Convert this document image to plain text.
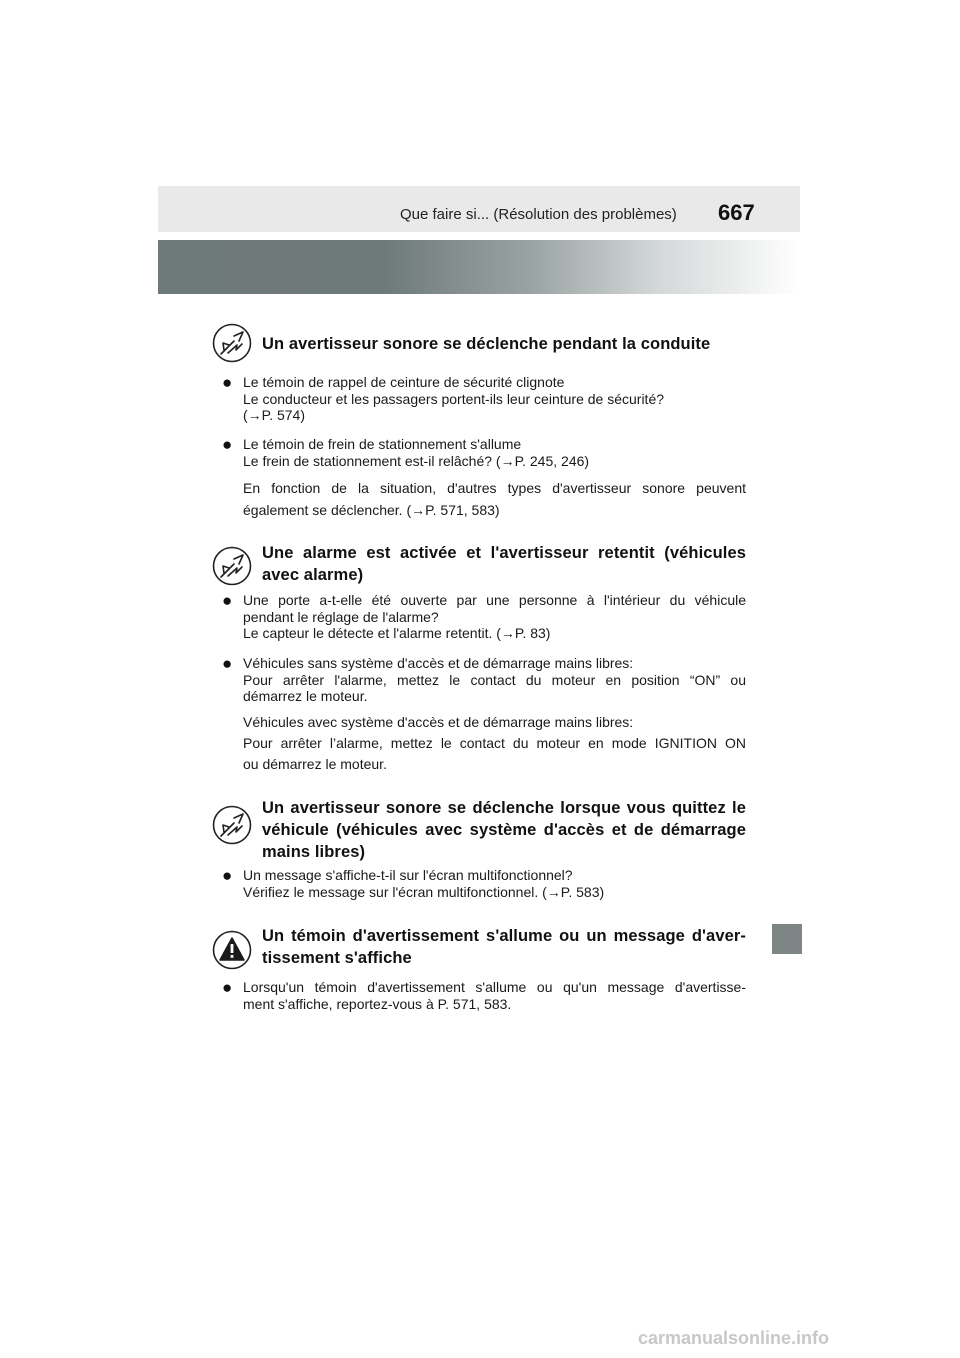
Que faire si... (Résolution des problèmes) 667
Un avertisseur sonore se déclenche pendant la conduite
● Le témoin de rappel de ceinture de sécurité clignote
Le conducteur et les passagers portent-ils leur ceinture de sécurité?
(→P. 574)
● Le témoin de frein de stationnement s'allume
Le frein de stationnement est-il relâché? (→P. 245, 246)
En fonction de la situation, d'autres types d'avertisseur sonore peuvent
également se déclencher. (→P. 571, 583)
Une alarme est activée et l'avertisseur retentit (véhicules
avec alarme)
● Une porte a-t-elle été ouverte par une personne à l'intérieur du véhicule
pendant le réglage de l'alarme?
Le capteur le détecte et l'alarme retentit. (→P. 83)
● Véhicules sans système d'accès et de démarrage mains libres:
Pour arrêter l'alarme, mettez le contact du moteur en position “ON” ou
démarrez le moteur.
Véhicules avec système d'accès et de démarrage mains libres:
Pour arrêter l’alarme, mettez le contact du moteur en mode IGNITION ON
ou démarrez le moteur.
Un avertisseur sonore se déclenche lorsque vous quittez le
véhicule (véhicules avec système d'accès et de démarrage
mains libres)
● Un message s'affiche-t-il sur l'écran multifonctionnel?
Vérifiez le message sur l'écran multifonctionnel. (→P. 583)
Un témoin d'avertissement s'allume ou un message d'aver-
tissement s'affiche
● Lorsqu'un témoin d'avertissement s'allume ou qu'un message d'avertisse-
ment s'affiche, reportez-vous à P. 571, 583.
carmanualsonline.info
